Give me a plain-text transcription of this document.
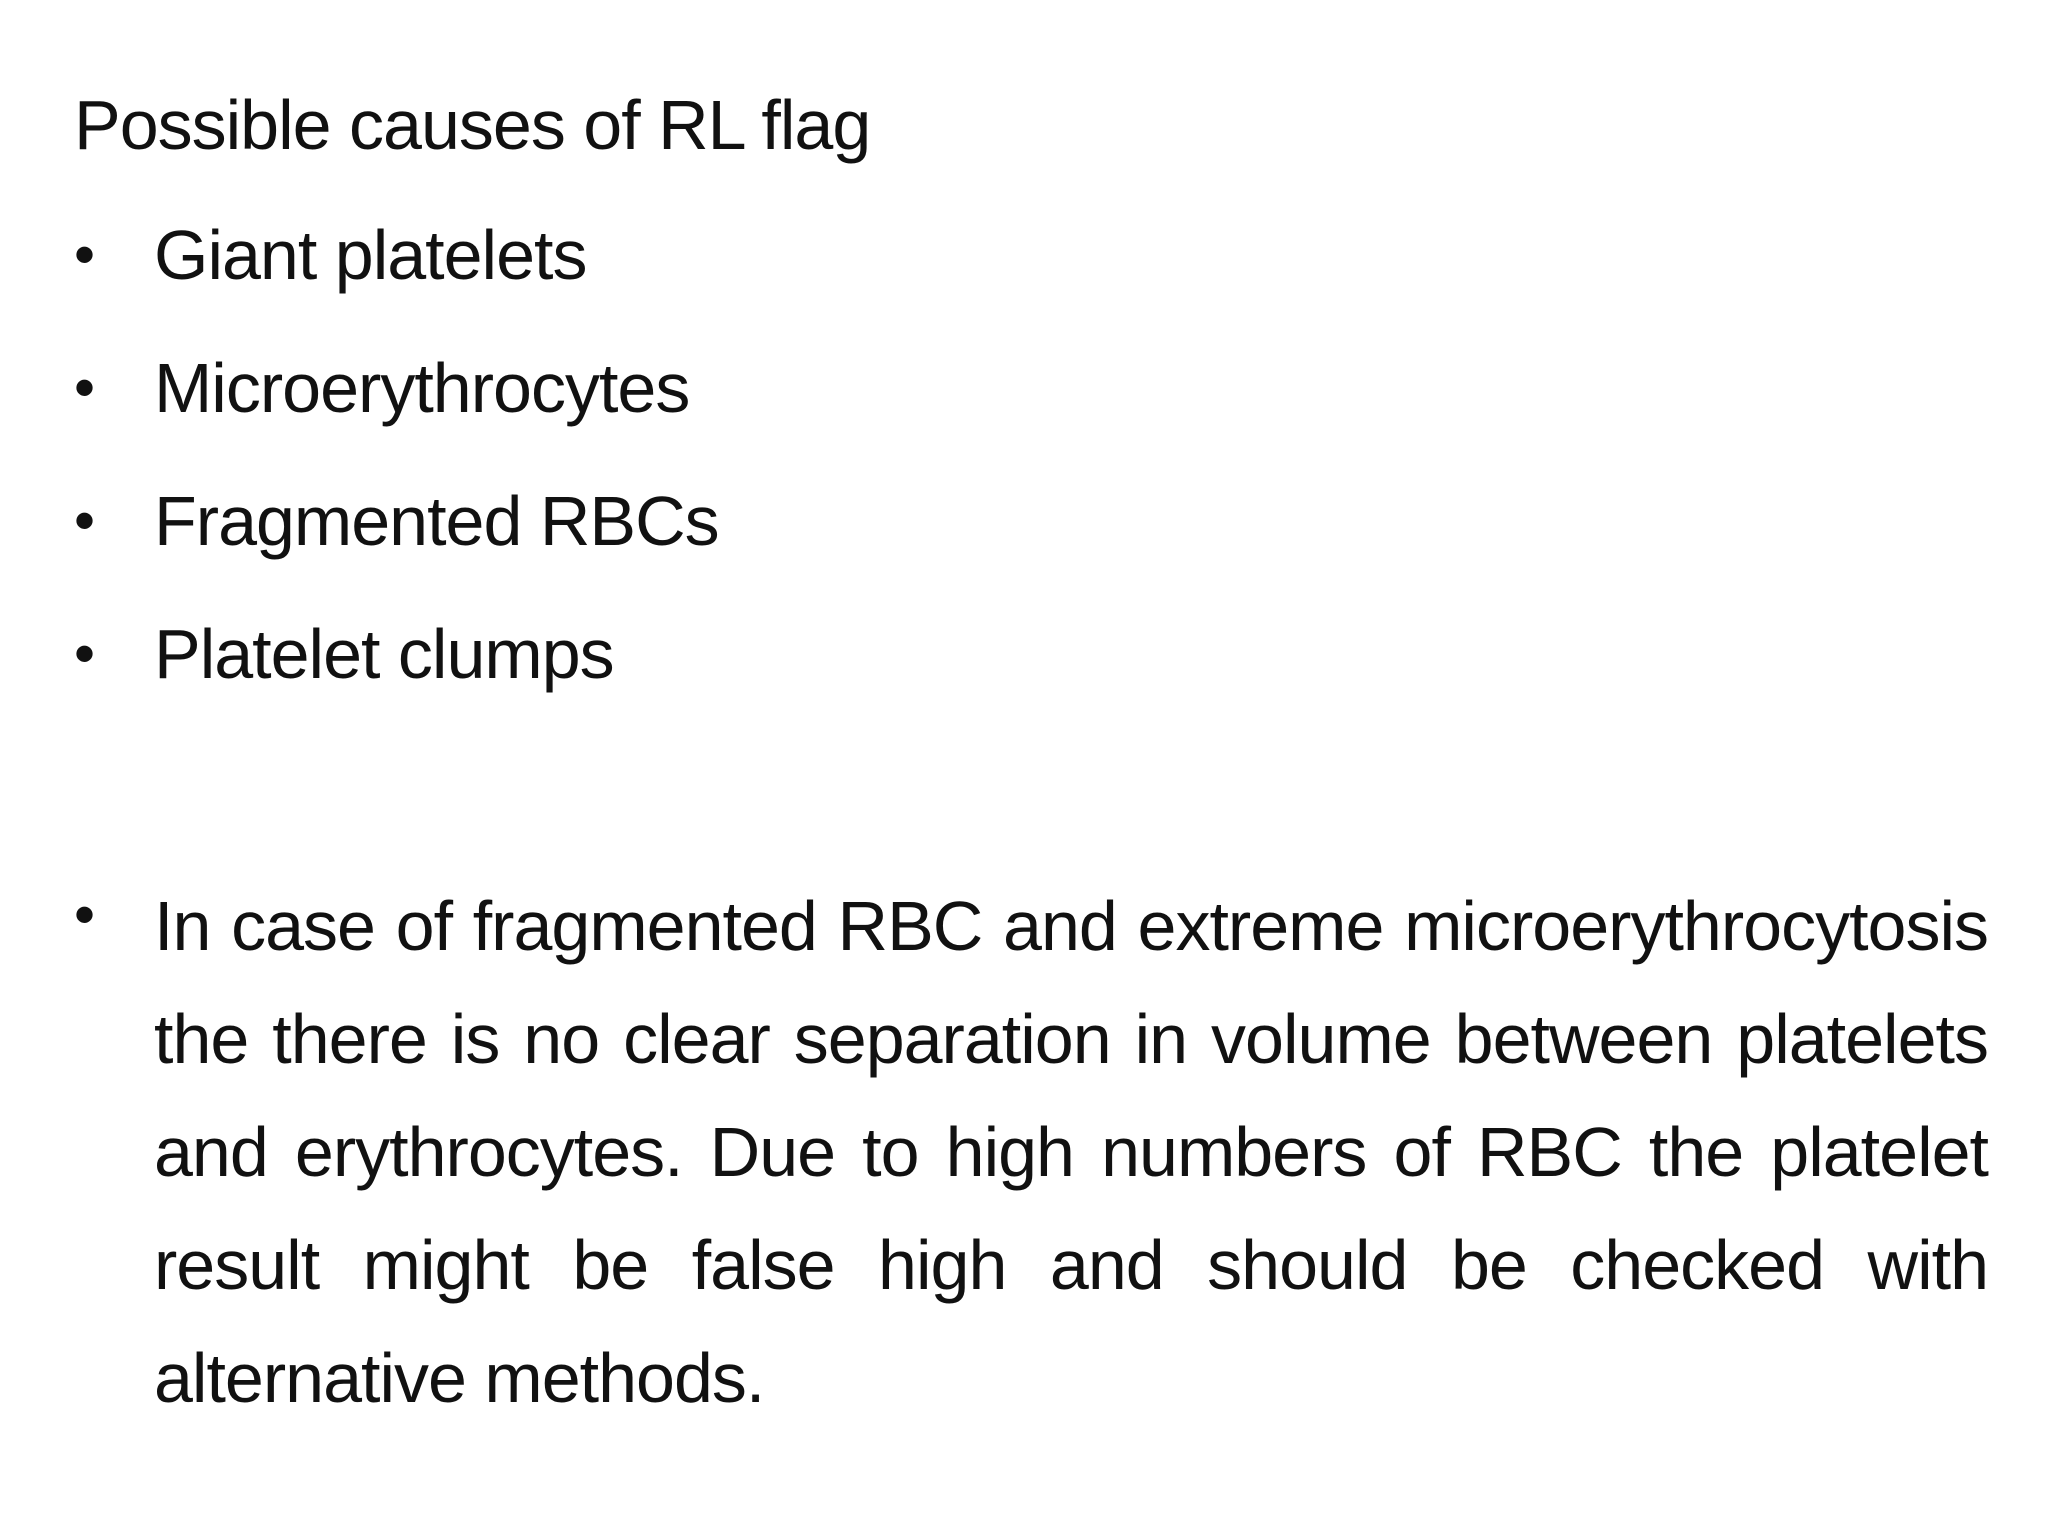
Possible causes of RL flag
• Giant platelets
• Microerythrocytes
• Fragmented RBCs
• Platelet clumps
• In case of fragmented RBC and extreme microerythrocytosis the there is no clear separation in volume between platelets and erythrocytes. Due to high numbers of RBC the platelet result might be false high and should be checked with alternative methods.
